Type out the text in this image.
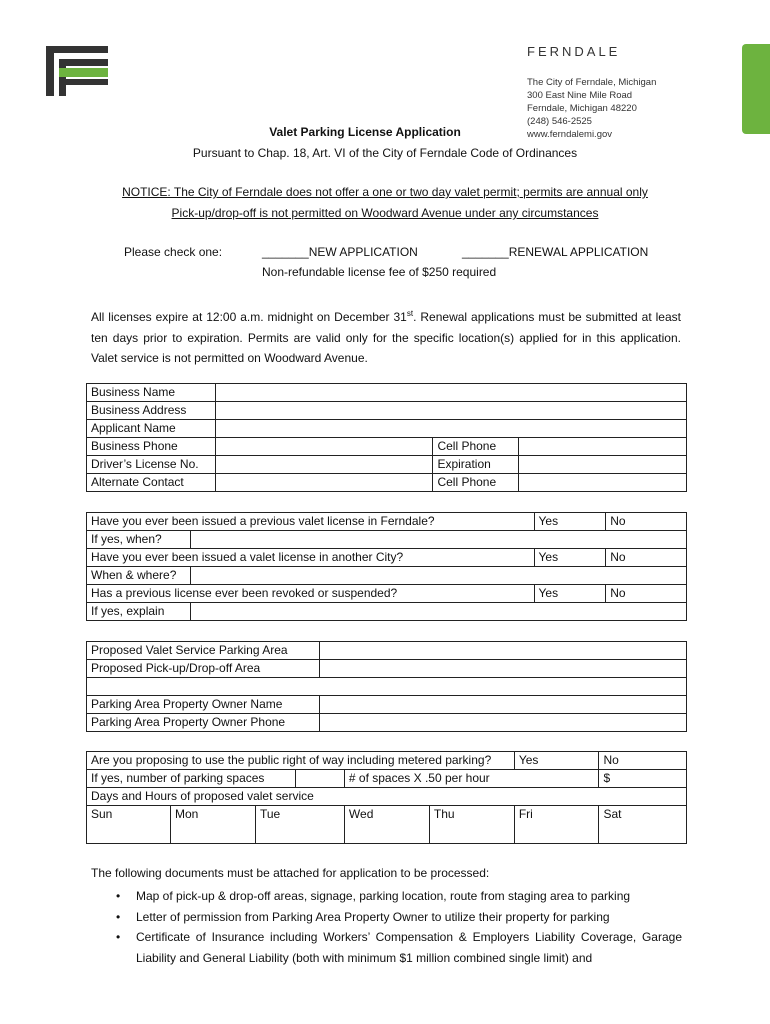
FERNDALE
The City of Ferndale, Michigan
300 East Nine Mile Road
Ferndale, Michigan 48220
(248) 546-2525
www.ferndalemi.gov
Valet Parking License Application
Pursuant to Chap. 18, Art. VI of the City of Ferndale Code of Ordinances
NOTICE: The City of Ferndale does not offer a one or two day valet permit; permits are annual only
Pick-up/drop-off is not permitted on Woodward Avenue under any circumstances
Please check one:	_______NEW APPLICATION	_______RENEWAL APPLICATION
Non-refundable license fee of $250 required
All licenses expire at 12:00 a.m. midnight on December 31st. Renewal applications must be submitted at least ten days prior to expiration. Permits are valid only for the specific location(s) applied for in this application. Valet service is not permitted on Woodward Avenue.
Business Name			
Business Address			
Applicant Name			
Business Phone		Cell Phone	
Driver’s License No.		Expiration	
Alternate Contact		Cell Phone	
Have you ever been issued a previous valet license in Ferndale?		Yes	No
If yes, when?			
Have you ever been issued a valet license in another City?		Yes	No
When & where?			
Has a previous license ever been revoked or suspended?		Yes	No
If yes, explain			
Proposed Valet Service Parking Area	
Proposed Pick-up/Drop-off Area	

Parking Area Property Owner Name	
Parking Area Property Owner Phone	
Are you proposing to use the public right of way including metered parking?						Yes	No
If yes, number of parking spaces				# of spaces X .50 per hour			$
Days and Hours of proposed valet service							
Sun	Mon	Tue		Wed	Thu	Fri	Sat
The following documents must be attached for application to be processed:
• Map of pick-up & drop-off areas, signage, parking location, route from staging area to parking
• Letter of permission from Parking Area Property Owner to utilize their property for parking
• Certificate of Insurance including Workers’ Compensation & Employers Liability Coverage, Garage Liability and General Liability (both with minimum $1 million combined single limit) and
